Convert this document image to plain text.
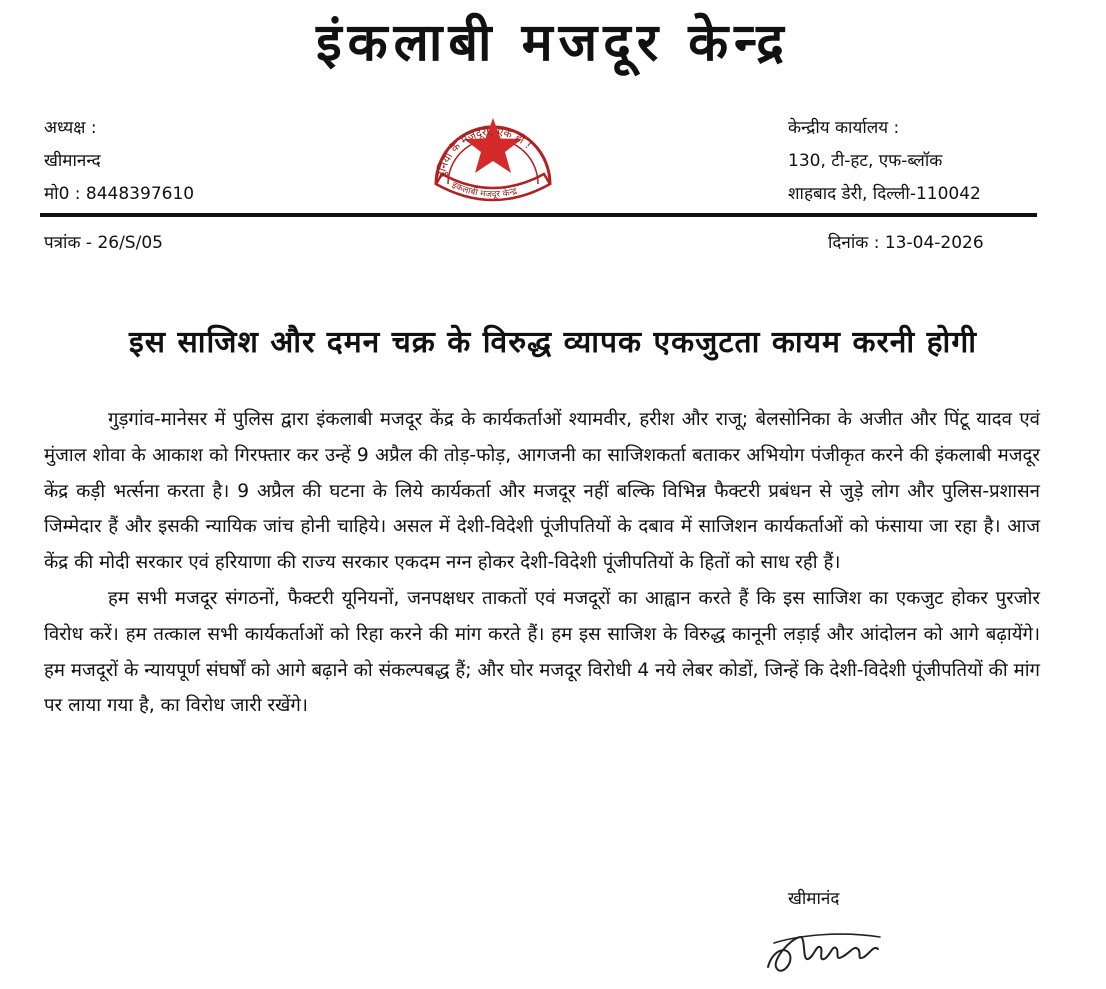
इंकलाबी मजदूर केन्द्र
अध्यक्ष :
खीमानन्द
मो0 : 8448397610
दुनिया के मजदूरों, एक हो !
इंकलाबी मजदूर केन्द्र
केन्द्रीय कार्यालय :
130, टी-हट, एफ-ब्लॉक
शाहबाद डेरी, दिल्ली-110042
पत्रांक - 26/S/05	दिनांक : 13-04-2026
इस साजिश और दमन चक्र के विरुद्ध व्यापक एकजुटता कायम करनी होगी

गुड़गांव-मानेसर में पुलिस द्वारा इंकलाबी मजदूर केंद्र के कार्यकर्ताओं श्यामवीर, हरीश और राजू; बेलसोनिका के अजीत और पिंटू यादव एवं मुंजाल शोवा के आकाश को गिरफ्तार कर उन्हें 9 अप्रैल की तोड़-फोड़, आगजनी का साजिशकर्ता बताकर अभियोग पंजीकृत करने की इंकलाबी मजदूर केंद्र कड़ी भर्त्सना करता है। 9 अप्रैल की घटना के लिये कार्यकर्ता और मजदूर नहीं बल्कि विभिन्न फैक्टरी प्रबंधन से जुड़े लोग और पुलिस-प्रशासन जिम्मेदार हैं और इसकी न्यायिक जांच होनी चाहिये। असल में देशी-विदेशी पूंजीपतियों के दबाव में साजिशन कार्यकर्ताओं को फंसाया जा रहा है। आज केंद्र की मोदी सरकार एवं हरियाणा की राज्य सरकार एकदम नग्न होकर देशी-विदेशी पूंजीपतियों के हितों को साध रही हैं।

हम सभी मजदूर संगठनों, फैक्टरी यूनियनों, जनपक्षधर ताकतों एवं मजदूरों का आह्वान करते हैं कि इस साजिश का एकजुट होकर पुरजोर विरोध करें। हम तत्काल सभी कार्यकर्ताओं को रिहा करने की मांग करते हैं। हम इस साजिश के विरुद्ध कानूनी लड़ाई और आंदोलन को आगे बढ़ायेंगे। हम मजदूरों के न्यायपूर्ण संघर्षों को आगे बढ़ाने को संकल्पबद्ध हैं; और घोर मजदूर विरोधी 4 नये लेबर कोडों, जिन्हें कि देशी-विदेशी पूंजीपतियों की मांग पर लाया गया है, का विरोध जारी रखेंगे।

खीमानंद
